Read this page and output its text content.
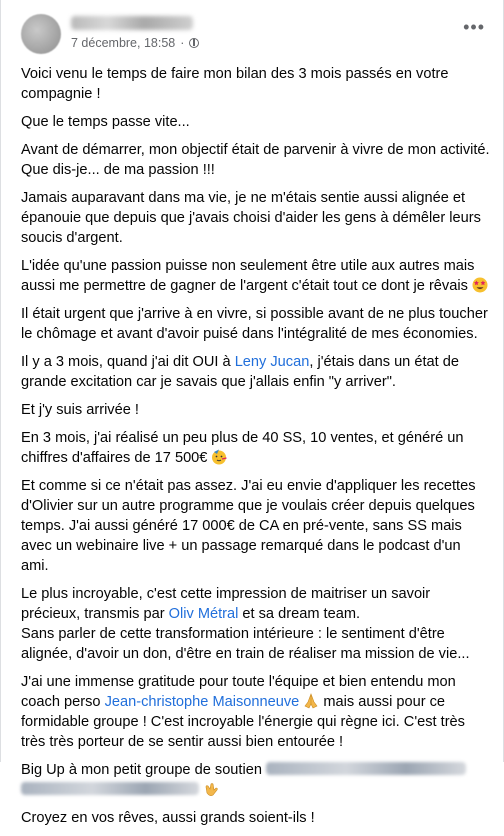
7 décembre, 18:58 ·
•••

Voici venu le temps de faire mon bilan des 3 mois passés en votre compagnie !

Que le temps passe vite...

Avant de démarrer, mon objectif était de parvenir à vivre de mon activité. Que dis-je... de ma passion !!!

Jamais auparavant dans ma vie, je ne m'étais sentie aussi alignée et épanouie que depuis que j'avais choisi d'aider les gens à démêler leurs soucis d'argent.

L'idée qu'une passion puisse non seulement être utile aux autres mais aussi me permettre de gagner de l'argent c'était tout ce dont je rêvais

Il était urgent que j'arrive à en vivre, si possible avant de ne plus toucher le chômage et avant d'avoir puisé dans l'intégralité de mes économies.

Il y a 3 mois, quand j'ai dit OUI à Leny Jucan, j'étais dans un état de grande excitation car je savais que j'allais enfin "y arriver".

Et j'y suis arrivée !

En 3 mois, j'ai réalisé un peu plus de 40 SS, 10 ventes, et généré un chiffres d'affaires de 17 500€

Et comme si ce n'était pas assez. J'ai eu envie d'appliquer les recettes d'Olivier sur un autre programme que je voulais créer depuis quelques temps. J'ai aussi généré 17 000€ de CA en pré-vente, sans SS mais avec un webinaire live + un passage remarqué dans le podcast d'un ami.

Le plus incroyable, c'est cette impression de maitriser un savoir précieux, transmis par Oliv Métral et sa dream team.
Sans parler de cette transformation intérieure : le sentiment d'être alignée, d'avoir un don, d'être en train de réaliser ma mission de vie...

J'ai une immense gratitude pour toute l'équipe et bien entendu mon coach perso Jean-christophe Maisonneuve  mais aussi pour ce formidable groupe ! C'est incroyable l'énergie qui règne ici. C'est très très très porteur de se sentir aussi bien entourée !

Big Up à mon petit groupe de soutien

Croyez en vos rêves, aussi grands soient-ils !
